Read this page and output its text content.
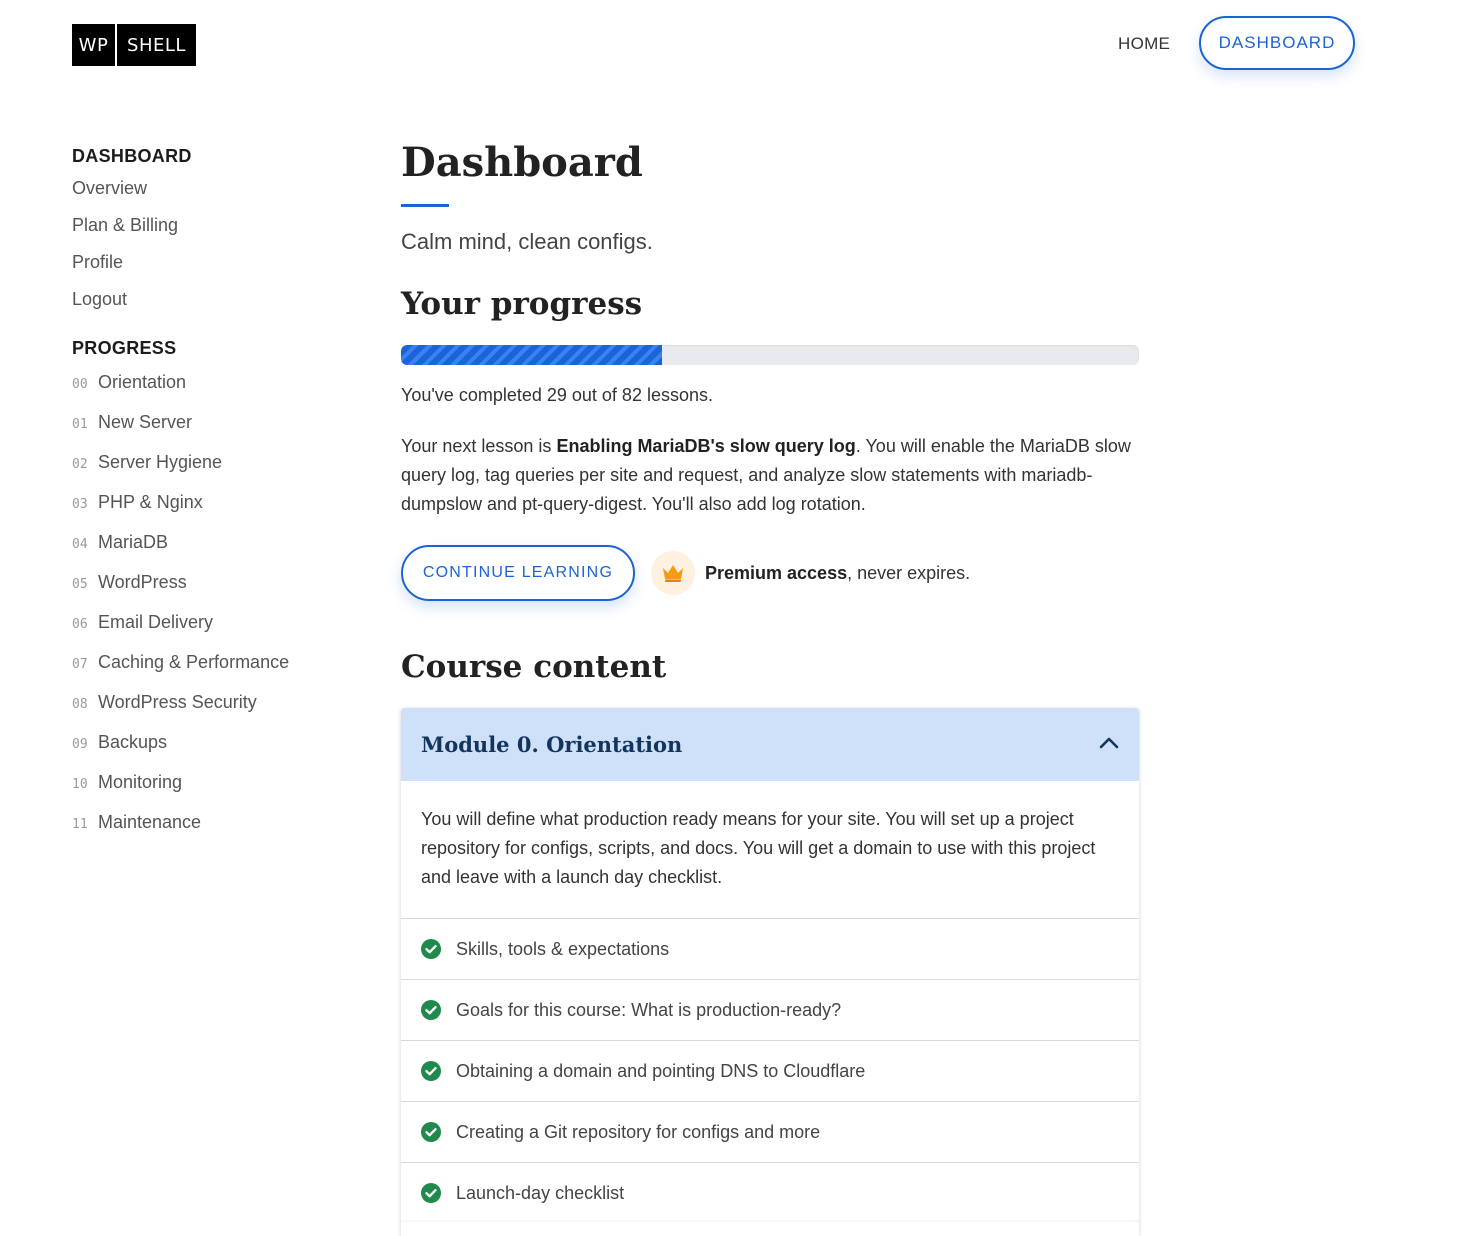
WP	SHELL	HOME	DASHBOARD
DASHBOARD
Overview
Plan & Billing
Profile
Logout
PROGRESS
00 Orientation
01 New Server
02 Server Hygiene
03 PHP & Nginx
04 MariaDB
05 WordPress
06 Email Delivery
07 Caching & Performance
08 WordPress Security
09 Backups
10 Monitoring
11 Maintenance
Dashboard
Calm mind, clean configs.
Your progress
You've completed 29 out of 82 lessons.
Your next lesson is Enabling MariaDB's slow query log. You will enable the MariaDB slow query log, tag queries per site and request, and analyze slow statements with mariadb-dumpslow and pt-query-digest. You'll also add log rotation.
CONTINUE LEARNING	Premium access, never expires.
Course content
Module 0. Orientation
You will define what production ready means for your site. You will set up a project repository for configs, scripts, and docs. You will get a domain to use with this project and leave with a launch day checklist.
Skills, tools & expectations
Goals for this course: What is production-ready?
Obtaining a domain and pointing DNS to Cloudflare
Creating a Git repository for configs and more
Launch-day checklist
